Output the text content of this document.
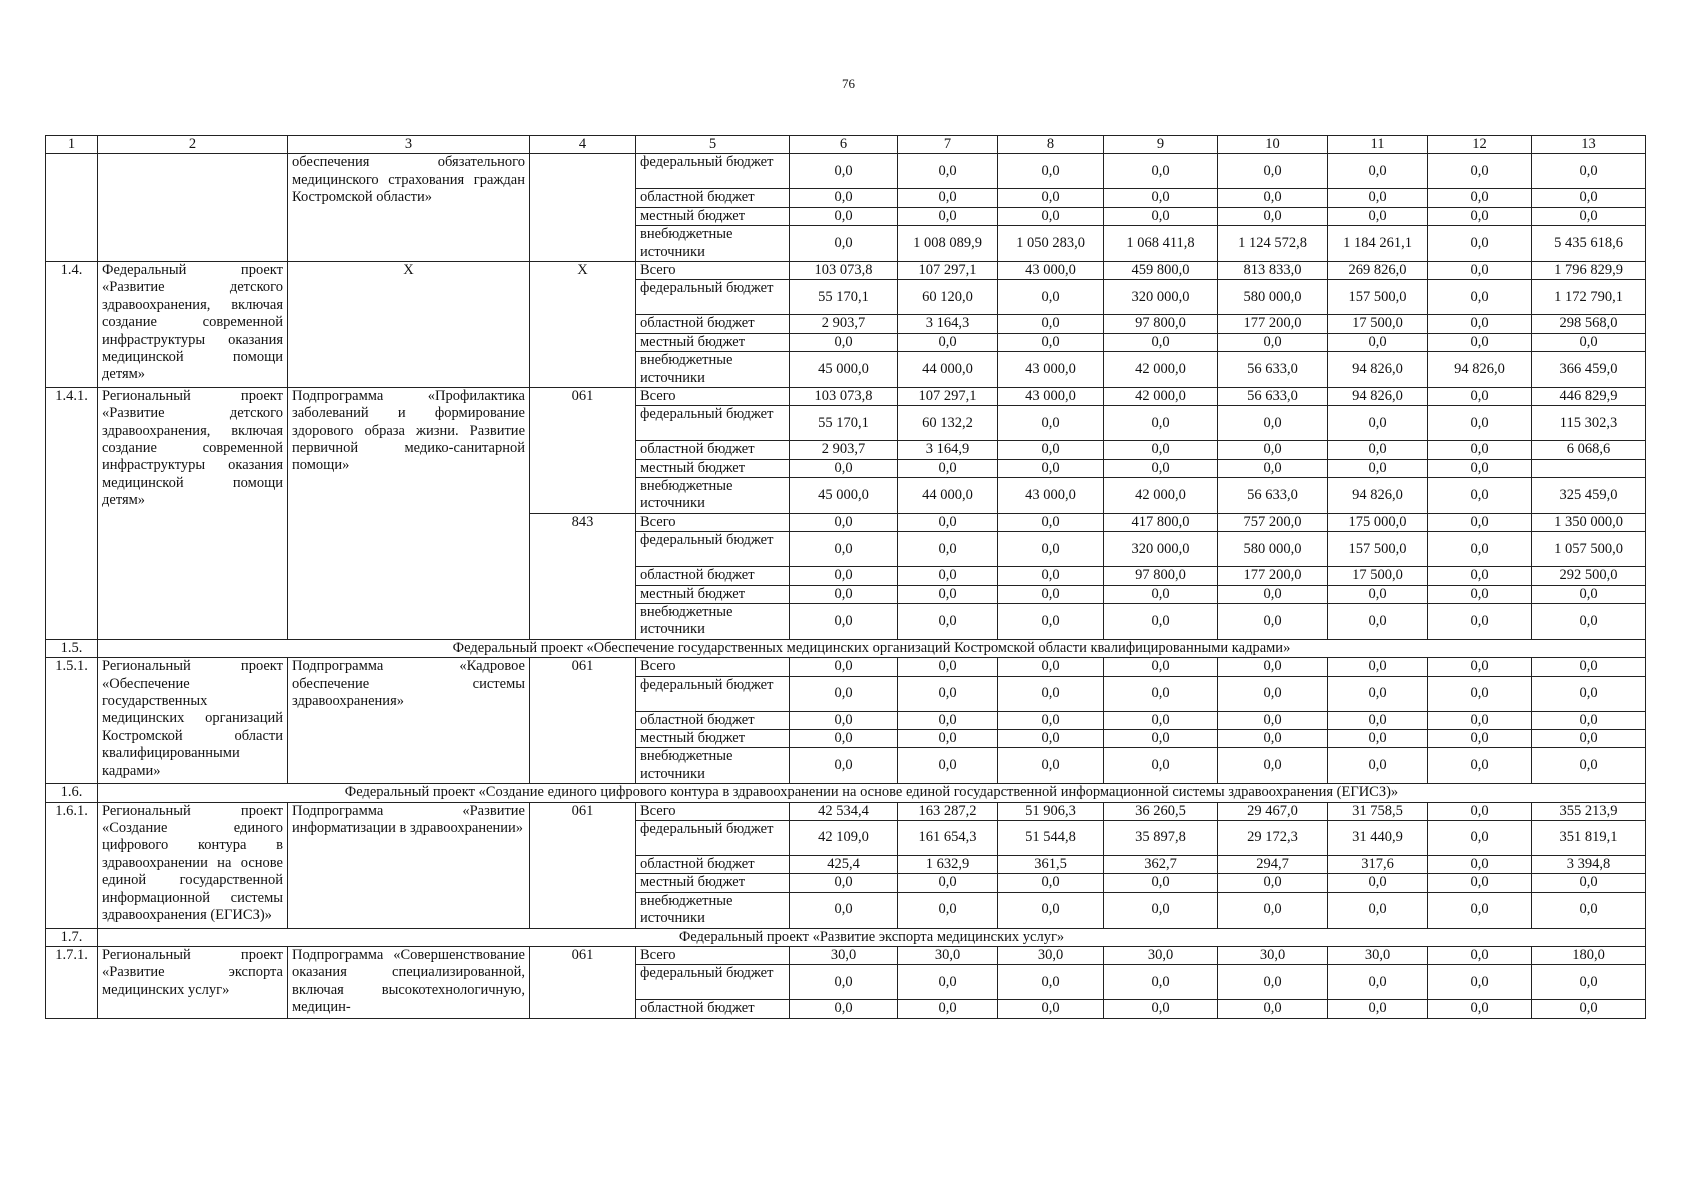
76
1	2	3	4	5	6	7	8	9	10	11	12	13
		обеспечения обязательного медицинского страхования граждан Костромской области»		федеральный бюджет	0,0	0,0	0,0	0,0	0,0	0,0	0,0	0,0
				областной бюджет	0,0	0,0	0,0	0,0	0,0	0,0	0,0	0,0
				местный бюджет	0,0	0,0	0,0	0,0	0,0	0,0	0,0	0,0
				внебюджетные источники	0,0	1 008 089,9	1 050 283,0	1 068 411,8	1 124 572,8	1 184 261,1	0,0	5 435 618,6
1.4.	Федеральный проект «Развитие детского здравоохранения, включая создание современной инфраструктуры оказания медицинской помощи детям»	Х	Х	Всего	103 073,8	107 297,1	43 000,0	459 800,0	813 833,0	269 826,0	0,0	1 796 829,9
				федеральный бюджет	55 170,1	60 120,0	0,0	320 000,0	580 000,0	157 500,0	0,0	1 172 790,1
				областной бюджет	2 903,7	3 164,3	0,0	97 800,0	177 200,0	17 500,0	0,0	298 568,0
				местный бюджет	0,0	0,0	0,0	0,0	0,0	0,0	0,0	0,0
				внебюджетные источники	45 000,0	44 000,0	43 000,0	42 000,0	56 633,0	94 826,0	94 826,0	366 459,0
1.4.1.	Региональный проект «Развитие детского здравоохранения, включая создание современной инфраструктуры оказания медицинской помощи детям»	Подпрограмма «Профилактика заболеваний и формирование здорового образа жизни. Развитие первичной медико-санитарной помощи»	061	Всего	103 073,8	107 297,1	43 000,0	42 000,0	56 633,0	94 826,0	0,0	446 829,9
				федеральный бюджет	55 170,1	60 132,2	0,0	0,0	0,0	0,0	0,0	115 302,3
				областной бюджет	2 903,7	3 164,9	0,0	0,0	0,0	0,0	0,0	6 068,6
				местный бюджет	0,0	0,0	0,0	0,0	0,0	0,0	0,0	
				внебюджетные источники	45 000,0	44 000,0	43 000,0	42 000,0	56 633,0	94 826,0	0,0	325 459,0
			843	Всего	0,0	0,0	0,0	417 800,0	757 200,0	175 000,0	0,0	1 350 000,0
				федеральный бюджет	0,0	0,0	0,0	320 000,0	580 000,0	157 500,0	0,0	1 057 500,0
				областной бюджет	0,0	0,0	0,0	97 800,0	177 200,0	17 500,0	0,0	292 500,0
				местный бюджет	0,0	0,0	0,0	0,0	0,0	0,0	0,0	0,0
				внебюджетные источники	0,0	0,0	0,0	0,0	0,0	0,0	0,0	0,0
1.5.	Федеральный проект «Обеспечение государственных медицинских организаций Костромской области квалифицированными кадрами»											
1.5.1.	Региональный проект «Обеспечение государственных медицинских организаций Костромской области квалифицированными кадрами»	Подпрограмма «Кадровое обеспечение системы здравоохранения»	061	Всего	0,0	0,0	0,0	0,0	0,0	0,0	0,0	0,0
				федеральный бюджет	0,0	0,0	0,0	0,0	0,0	0,0	0,0	0,0
				областной бюджет	0,0	0,0	0,0	0,0	0,0	0,0	0,0	0,0
				местный бюджет	0,0	0,0	0,0	0,0	0,0	0,0	0,0	0,0
				внебюджетные источники	0,0	0,0	0,0	0,0	0,0	0,0	0,0	0,0
1.6.	Федеральный проект «Создание единого цифрового контура в здравоохранении на основе единой государственной информационной системы здравоохранения (ЕГИСЗ)»											
1.6.1.	Региональный проект «Создание единого цифрового контура в здравоохранении на основе единой государственной информационной системы здравоохранения (ЕГИСЗ)»	Подпрограмма «Развитие информатизации в здравоохранении»	061	Всего	42 534,4	163 287,2	51 906,3	36 260,5	29 467,0	31 758,5	0,0	355 213,9
				федеральный бюджет	42 109,0	161 654,3	51 544,8	35 897,8	29 172,3	31 440,9	0,0	351 819,1
				областной бюджет	425,4	1 632,9	361,5	362,7	294,7	317,6	0,0	3 394,8
				местный бюджет	0,0	0,0	0,0	0,0	0,0	0,0	0,0	0,0
				внебюджетные источники	0,0	0,0	0,0	0,0	0,0	0,0	0,0	0,0
1.7.	Федеральный проект «Развитие экспорта медицинских услуг»											
1.7.1.	Региональный проект «Развитие экспорта медицинских услуг»	Подпрограмма «Совершенствование оказания специализированной, включая высокотехнологичную, медицин-	061	Всего	30,0	30,0	30,0	30,0	30,0	30,0	0,0	180,0
				федеральный бюджет	0,0	0,0	0,0	0,0	0,0	0,0	0,0	0,0
				областной бюджет	0,0	0,0	0,0	0,0	0,0	0,0	0,0	0,0
